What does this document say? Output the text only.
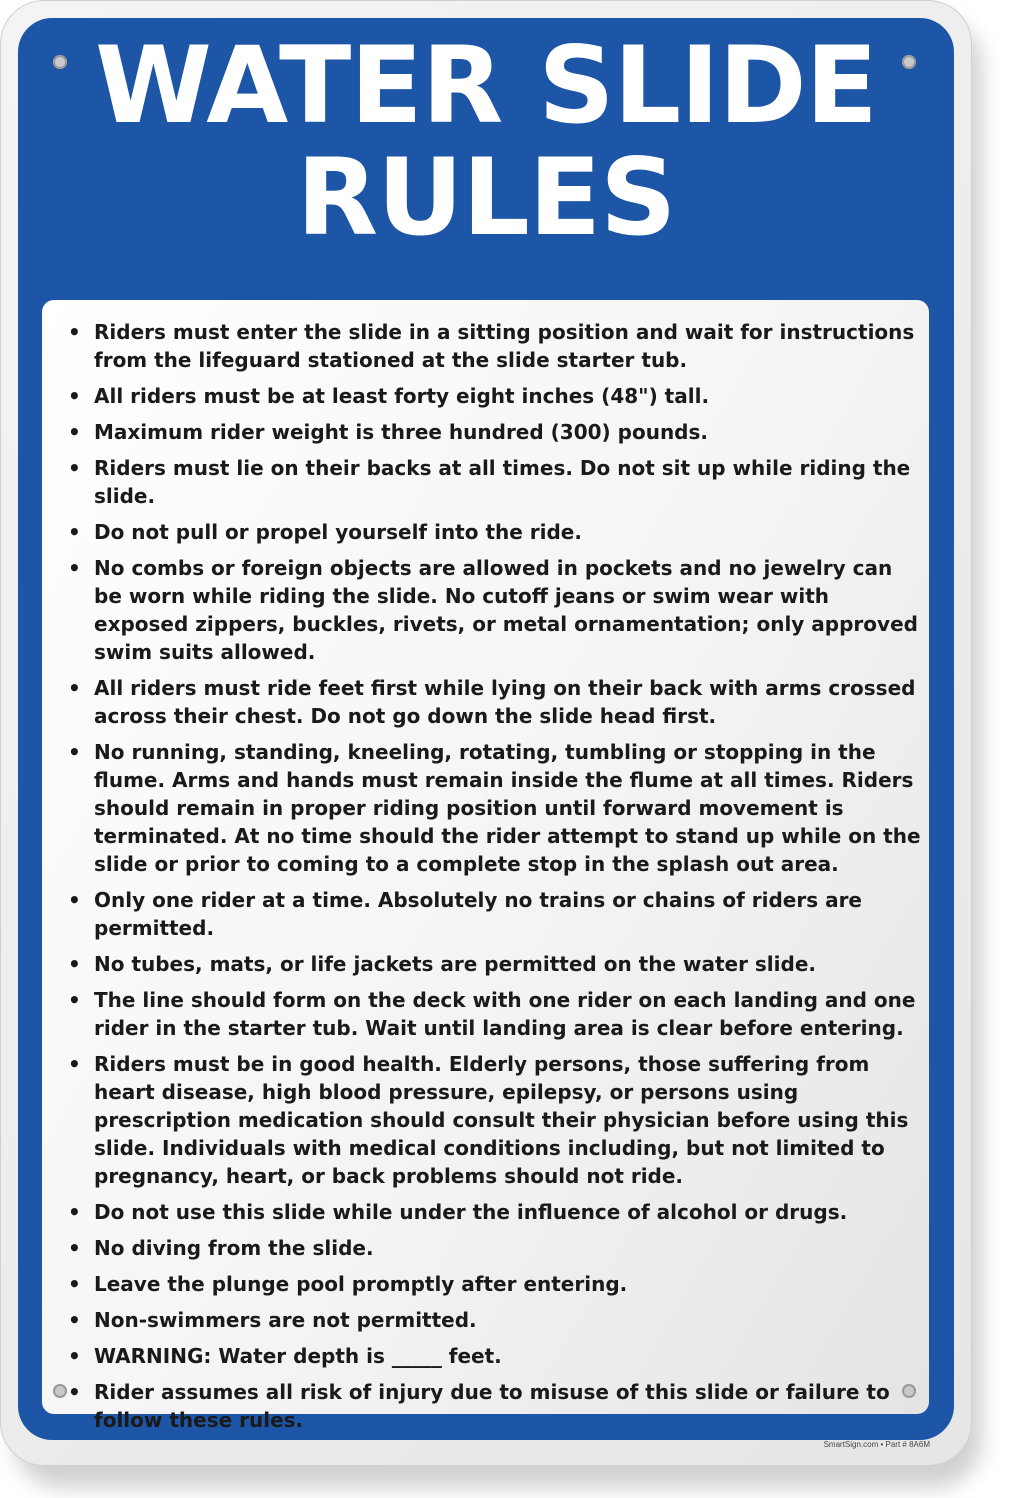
WATER SLIDE
RULES
• Riders must enter the slide in a sitting position and wait for instructions from the lifeguard stationed at the slide starter tub.
• All riders must be at least forty eight inches (48") tall.
• Maximum rider weight is three hundred (300) pounds.
• Riders must lie on their backs at all times. Do not sit up while riding the slide.
• Do not pull or propel yourself into the ride.
• No combs or foreign objects are allowed in pockets and no jewelry can be worn while riding the slide. No cutoff jeans or swim wear with exposed zippers, buckles, rivets, or metal ornamentation; only approved swim suits allowed.
• All riders must ride feet first while lying on their back with arms crossed across their chest. Do not go down the slide head first.
• No running, standing, kneeling, rotating, tumbling or stopping in the flume. Arms and hands must remain inside the flume at all times. Riders should remain in proper riding position until forward movement is terminated. At no time should the rider attempt to stand up while on the slide or prior to coming to a complete stop in the splash out area.
• Only one rider at a time. Absolutely no trains or chains of riders are permitted.
• No tubes, mats, or life jackets are permitted on the water slide.
• The line should form on the deck with one rider on each landing and one rider in the starter tub. Wait until landing area is clear before entering.
• Riders must be in good health. Elderly persons, those suffering from heart disease, high blood pressure, epilepsy, or persons using prescription medication should consult their physician before using this slide. Individuals with medical conditions including, but not limited to pregnancy, heart, or back problems should not ride.
• Do not use this slide while under the influence of alcohol or drugs.
• No diving from the slide.
• Leave the plunge pool promptly after entering.
• Non-swimmers are not permitted.
• WARNING: Water depth is _____ feet.
• Rider assumes all risk of injury due to misuse of this slide or failure to follow these rules.
SmartSign.com • Part # 8A6M
